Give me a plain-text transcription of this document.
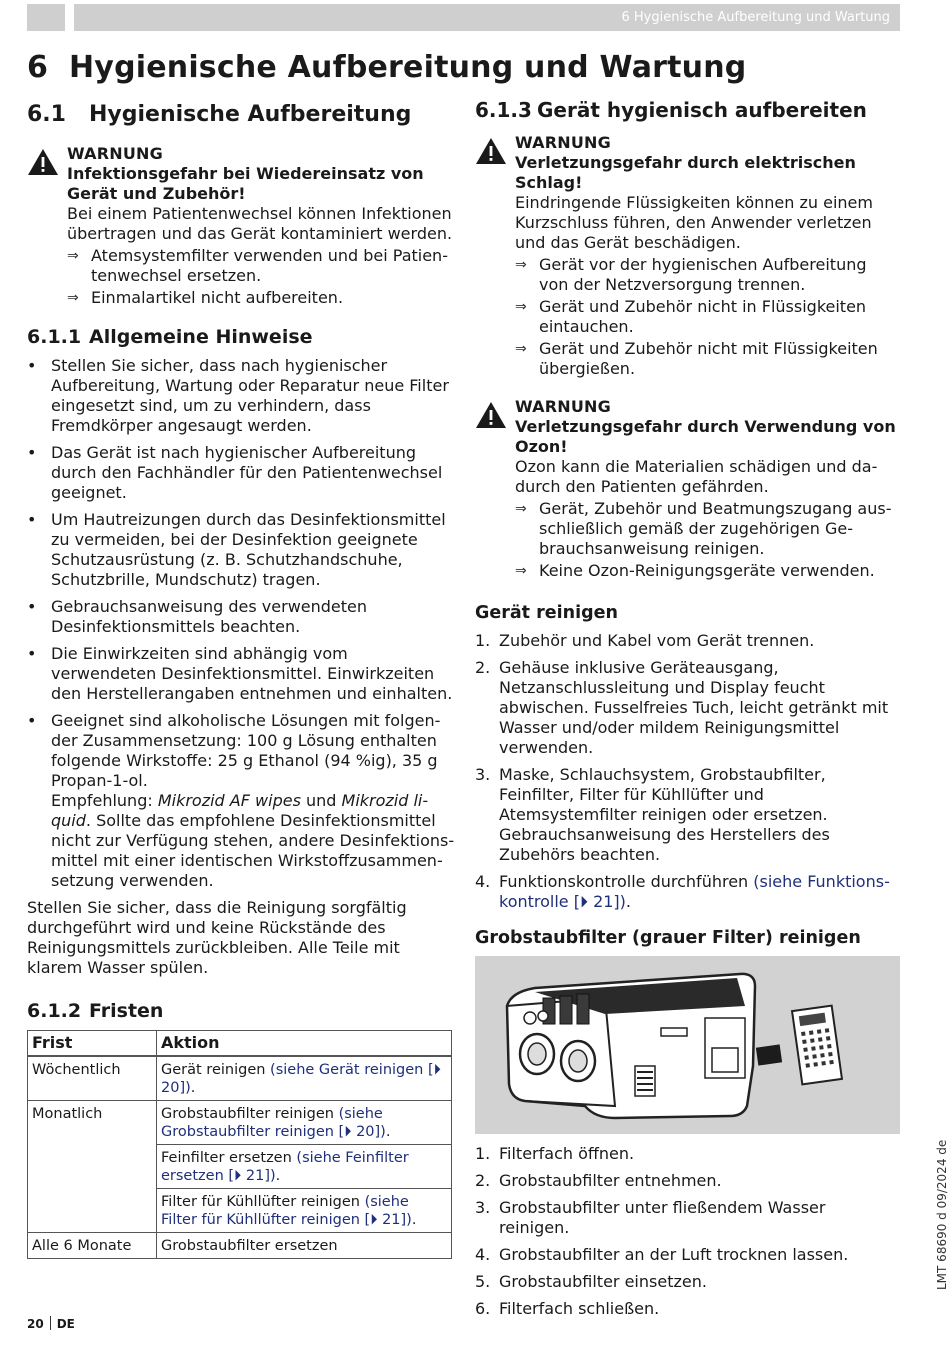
6 Hygienische Aufbereitung und Wartung
6 Hygienische Aufbereitung und Wartung
6.1 Hygienische Aufbereitung
WARNUNG
Infektionsgefahr bei Wiedereinsatz von Gerät und Zubehör!
Bei einem Patientenwechsel können Infektionen übertragen und das Gerät kontaminiert werden.
⇒ Atemsystemfilter verwenden und bei Patientenwechsel ersetzen.
⇒ Einmalartikel nicht aufbereiten.
6.1.1 Allgemeine Hinweise
• Stellen Sie sicher, dass nach hygienischer Aufbereitung, Wartung oder Reparatur neue Filter eingesetzt sind, um zu verhindern, dass Fremdkörper angesaugt werden.
• Das Gerät ist nach hygienischer Aufbereitung durch den Fachhändler für den Patientenwechsel geeignet.
• Um Hautreizungen durch das Desinfektionsmittel zu vermeiden, bei der Desinfektion geeignete Schutzausrüstung (z. B. Schutzhandschuhe, Schutzbrille, Mundschutz) tragen.
• Gebrauchsanweisung des verwendeten Desinfektionsmittels beachten.
• Die Einwirkzeiten sind abhängig vom verwendeten Desinfektionsmittel. Einwirkzeiten den Herstellerangaben entnehmen und einhalten.
• Geeignet sind alkoholische Lösungen mit folgender Zusammensetzung: 100 g Lösung enthalten folgende Wirkstoffe: 25 g Ethanol (94 %ig), 35 g Propan-1-ol.
Empfehlung: Mikrozid AF wipes und Mikrozid liquid. Sollte das empfohlene Desinfektionsmittel nicht zur Verfügung stehen, andere Desinfektionsmittel mit einer identischen Wirkstoffzusammensetzung verwenden.

Stellen Sie sicher, dass die Reinigung sorgfältig durchgeführt wird und keine Rückstände des Reinigungsmittels zurückbleiben. Alle Teile mit klarem Wasser spülen.

6.1.2 Fristen
Frist	Aktion
Wöchentlich	Gerät reinigen (siehe Gerät reinigen [⏵ 20]).
Monatlich	Grobstaubfilter reinigen (siehe Grobstaubfilter reinigen [⏵ 20]).
	Feinfilter ersetzen (siehe Feinfilter ersetzen [⏵ 21]).
	Filter für Kühllüfter reinigen (siehe Filter für Kühllüfter reinigen [⏵ 21]).
Alle 6 Monate	Grobstaubfilter ersetzen
6.1.3 Gerät hygienisch aufbereiten
WARNUNG
Verletzungsgefahr durch elektrischen Schlag!
Eindringende Flüssigkeiten können zu einem Kurzschluss führen, den Anwender verletzen und das Gerät beschädigen.
⇒ Gerät vor der hygienischen Aufbereitung von der Netzversorgung trennen.
⇒ Gerät und Zubehör nicht in Flüssigkeiten eintauchen.
⇒ Gerät und Zubehör nicht mit Flüssigkeiten übergießen.
WARNUNG
Verletzungsgefahr durch Verwendung von Ozon!
Ozon kann die Materialien schädigen und dadurch den Patienten gefährden.
⇒ Gerät, Zubehör und Beatmungszugang ausschließlich gemäß der zugehörigen Gebrauchsanweisung reinigen.
⇒ Keine Ozon-Reinigungsgeräte verwenden.
Gerät reinigen
1. Zubehör und Kabel vom Gerät trennen.
2. Gehäuse inklusive Geräteausgang, Netzanschlussleitung und Display feucht abwischen. Fusselfreies Tuch, leicht getränkt mit Wasser und/oder mildem Reinigungsmittel verwenden.
3. Maske, Schlauchsystem, Grobstaubfilter, Feinfilter, Filter für Kühllüfter und Atemsystemfilter reinigen oder ersetzen. Gebrauchsanweisung des Herstellers des Zubehörs beachten.
4. Funktionskontrolle durchführen (siehe Funktionskontrolle [⏵ 21]).
Grobstaubfilter (grauer Filter) reinigen
1. Filterfach öffnen.
2. Grobstaubfilter entnehmen.
3. Grobstaubfilter unter fließendem Wasser reinigen.
4. Grobstaubfilter an der Luft trocknen lassen.
5. Grobstaubfilter einsetzen.
6. Filterfach schließen.
20 DE
LMT 68690 d 09/2024 de
